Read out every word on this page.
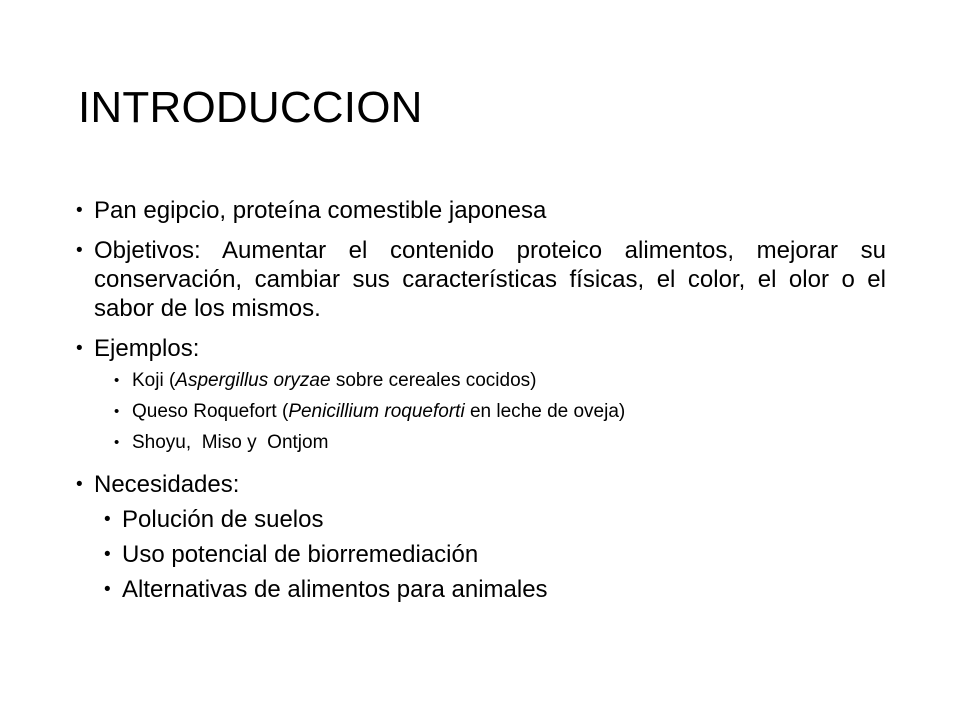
INTRODUCCION
• Pan egipcio, proteína comestible japonesa
• Objetivos: Aumentar el contenido proteico alimentos, mejorar su conservación, cambiar sus características físicas, el color, el olor o el sabor de los mismos.
• Ejemplos:
• Koji (Aspergillus oryzae sobre cereales cocidos)
• Queso Roquefort (Penicillium roqueforti en leche de oveja)
• Shoyu,  Miso y  Ontjom
• Necesidades:
• Polución de suelos
• Uso potencial de biorremediación
• Alternativas de alimentos para animales
